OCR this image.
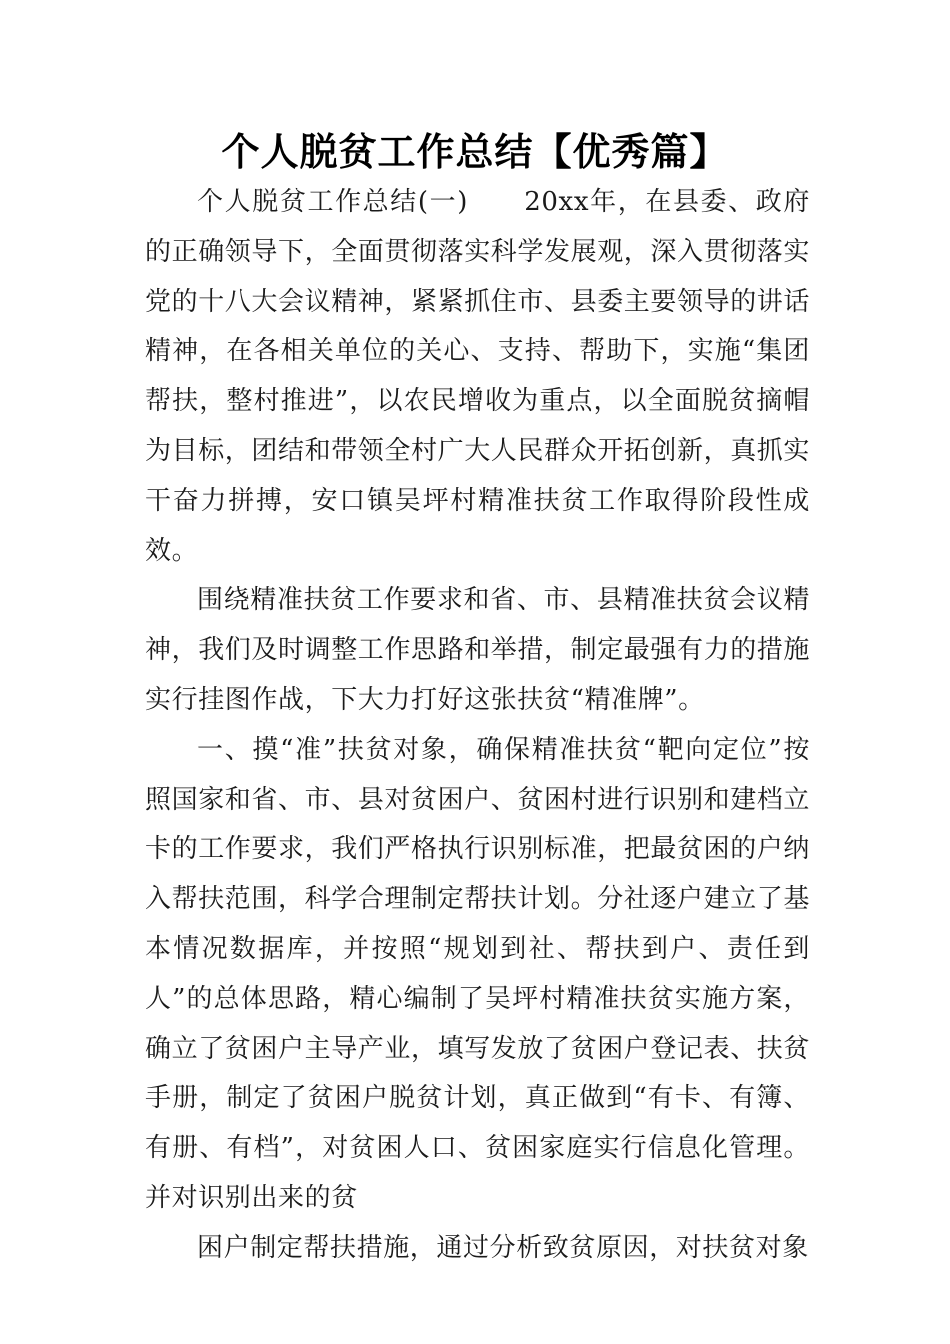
个人脱贫工作总结【优秀篇】

个人脱贫工作总结(一)　　20xx年，在县委、政府的正确领导下，全面贯彻落实科学发展观，深入贯彻落实党的十八大会议精神，紧紧抓住市、县委主要领导的讲话精神，在各相关单位的关心、支持、帮助下，实施“集团帮扶，整村推进”，以农民增收为重点，以全面脱贫摘帽为目标，团结和带领全村广大人民群众开拓创新，真抓实干奋力拼搏，安口镇吴坪村精准扶贫工作取得阶段性成效。

围绕精准扶贫工作要求和省、市、县精准扶贫会议精神，我们及时调整工作思路和举措，制定最强有力的措施实行挂图作战，下大力打好这张扶贫“精准牌”。

一、摸“准”扶贫对象，确保精准扶贫“靶向定位”按照国家和省、市、县对贫困户、贫困村进行识别和建档立卡的工作要求，我们严格执行识别标准，把最贫困的户纳入帮扶范围，科学合理制定帮扶计划。分社逐户建立了基本情况数据库，并按照“规划到社、帮扶到户、责任到人”的总体思路，精心编制了吴坪村精准扶贫实施方案，确立了贫困户主导产业，填写发放了贫困户登记表、扶贫手册，制定了贫困户脱贫计划，真正做到“有卡、有簿、有册、有档”，对贫困人口、贫困家庭实行信息化管理。并对识别出来的贫

困户制定帮扶措施，通过分析致贫原因，对扶贫对象
